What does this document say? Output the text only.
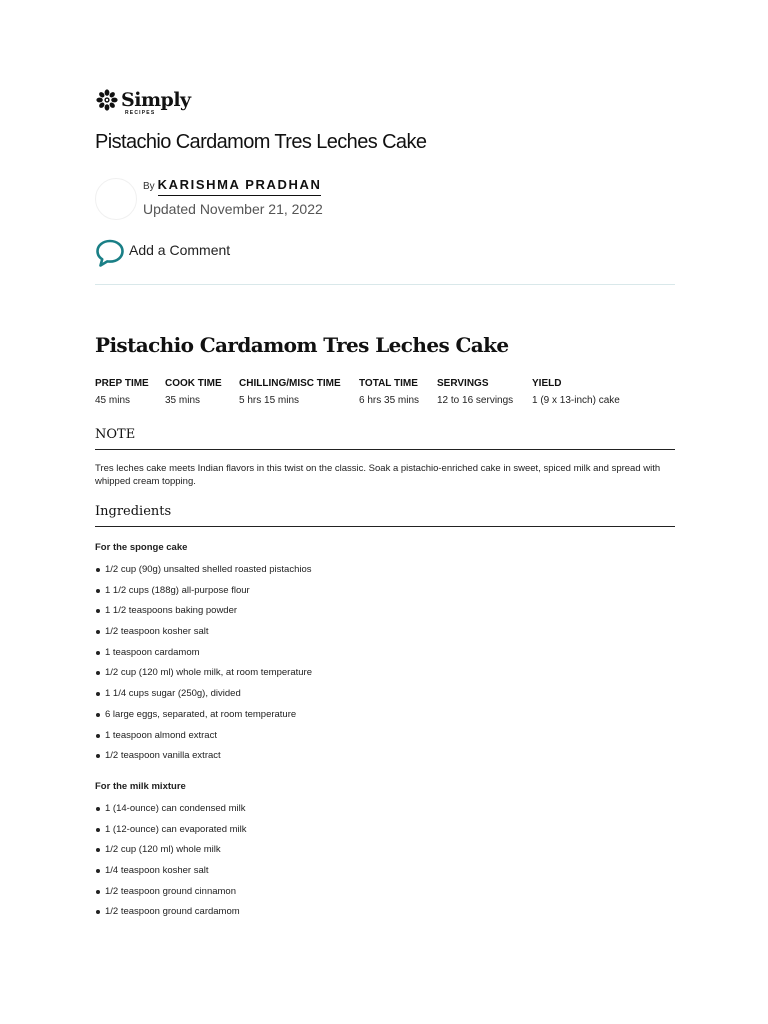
Simply
RECIPES
Pistachio Cardamom Tres Leches Cake
By KARISHMA PRADHAN
Updated November 21, 2022
Add a Comment
Pistachio Cardamom Tres Leches Cake
PREP TIME
45 mins
COOK TIME
35 mins
CHILLING/MISC TIME
5 hrs 15 mins
TOTAL TIME
6 hrs 35 mins
SERVINGS
12 to 16 servings
YIELD
1 (9 x 13-inch) cake
NOTE

Tres leches cake meets Indian flavors in this twist on the classic. Soak a pistachio-enriched cake in sweet, spiced milk and spread with whipped cream topping.

Ingredients
For the sponge cake
1/2 cup (90g) unsalted shelled roasted pistachios
1 1/2 cups (188g) all-purpose flour
1 1/2 teaspoons baking powder
1/2 teaspoon kosher salt
1 teaspoon cardamom
1/2 cup (120 ml) whole milk, at room temperature
1 1/4 cups sugar (250g), divided
6 large eggs, separated, at room temperature
1 teaspoon almond extract
1/2 teaspoon vanilla extract
For the milk mixture
1 (14-ounce) can condensed milk
1 (12-ounce) can evaporated milk
1/2 cup (120 ml) whole milk
1/4 teaspoon kosher salt
1/2 teaspoon ground cinnamon
1/2 teaspoon ground cardamom
